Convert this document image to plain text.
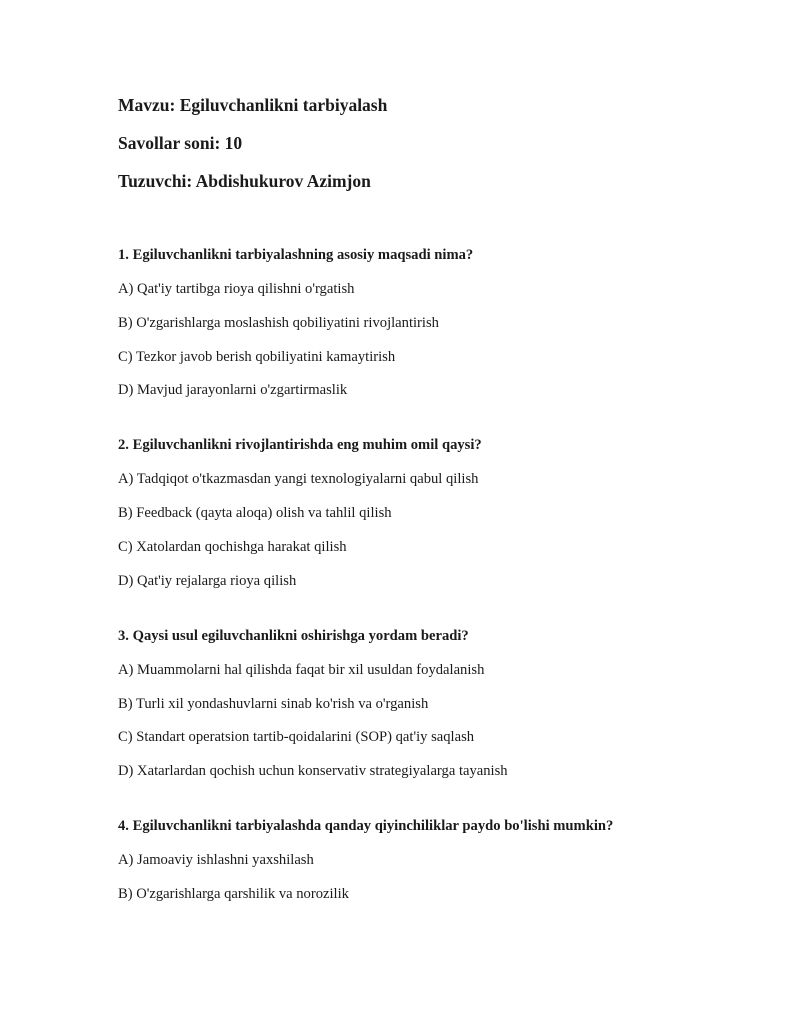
Mavzu: Egiluvchanlikni tarbiyalash
Savollar soni: 10
Tuzuvchi: Abdishukurov Azimjon
1. Egiluvchanlikni tarbiyalashning asosiy maqsadi nima?
A) Qat'iy tartibga rioya qilishni o'rgatish
B) O'zgarishlarga moslashish qobiliyatini rivojlantirish
C) Tezkor javob berish qobiliyatini kamaytirish
D) Mavjud jarayonlarni o'zgartirmaslik
2. Egiluvchanlikni rivojlantirishda eng muhim omil qaysi?
A) Tadqiqot o'tkazmasdan yangi texnologiyalarni qabul qilish
B) Feedback (qayta aloqa) olish va tahlil qilish
C) Xatolardan qochishga harakat qilish
D) Qat'iy rejalarga rioya qilish
3. Qaysi usul egiluvchanlikni oshirishga yordam beradi?
A) Muammolarni hal qilishda faqat bir xil usuldan foydalanish
B) Turli xil yondashuvlarni sinab ko'rish va o'rganish
C) Standart operatsion tartib-qoidalarini (SOP) qat'iy saqlash
D) Xatarlardan qochish uchun konservativ strategiyalarga tayanish
4. Egiluvchanlikni tarbiyalashda qanday qiyinchiliklar paydo bo'lishi mumkin?
A) Jamoaviy ishlashni yaxshilash
B) O'zgarishlarga qarshilik va norozilik
